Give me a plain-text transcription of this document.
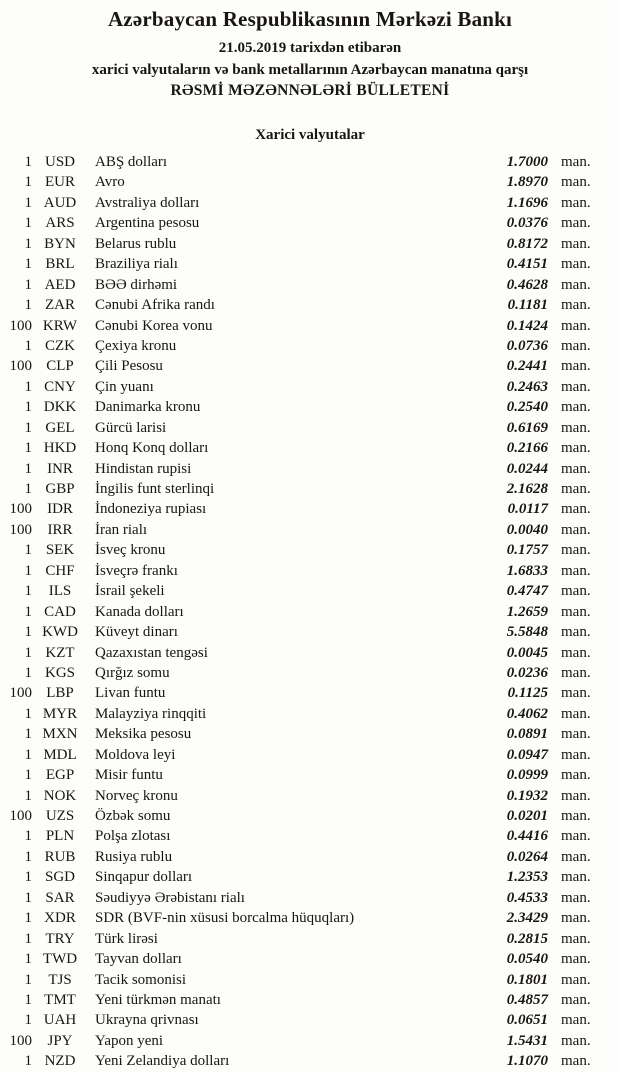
Azərbaycan Respublikasının Mərkəzi Bankı
21.05.2019 tarixdən etibarən
xarici valyutaların və bank metallarının Azərbaycan manatına qarşı
RƏSMİ MƏZƏNNƏLƏRİ BÜLLETENİ
Xarici valyutalar
1 USD	ABŞ dolları	1.7000 man.
1 EUR	Avro	1.8970 man.
1 AUD	Avstraliya dolları	1.1696 man.
1 ARS	Argentina pesosu	0.0376 man.
1 BYN	Belarus rublu	0.8172 man.
1 BRL	Braziliya rialı	0.4151 man.
1 AED	BƏƏ dirhəmi	0.4628 man.
1 ZAR	Cənubi Afrika randı	0.1181 man.
100 KRW	Cənubi Korea vonu	0.1424 man.
1 CZK	Çexiya kronu	0.0736 man.
100 CLP	Çili Pesosu	0.2441 man.
1 CNY	Çin yuanı	0.2463 man.
1 DKK	Danimarka kronu	0.2540 man.
1 GEL	Gürcü larisi	0.6169 man.
1 HKD	Honq Konq dolları	0.2166 man.
1	INR	Hindistan rupisi	0.0244 man.
1 GBP	İngilis funt sterlinqi	2.1628 man.
100	IDR	İndoneziya rupiası	0.0117 man.
100	IRR	İran rialı	0.0040 man.
1 SEK	İsveç kronu	0.1757 man.
1 CHF	İsveçrə frankı	1.6833 man.
1	ILS	İsrail şekeli	0.4747 man.
1 CAD	Kanada dolları	1.2659 man.
1 KWD	Küveyt dinarı	5.5848 man.
1 KZT	Qazaxıstan tengəsi	0.0045 man.
1 KGS	Qırğız somu	0.0236 man.
100 LBP	Livan funtu	0.1125 man.
1 MYR	Malayziya rinqqiti	0.4062 man.
1 MXN	Meksika pesosu	0.0891 man.
1 MDL	Moldova leyi	0.0947 man.
1 EGP	Misir funtu	0.0999 man.
1 NOK	Norveç kronu	0.1932 man.
100 UZS	Özbək somu	0.0201 man.
1 PLN	Polşa zlotası	0.4416 man.
1 RUB	Rusiya rublu	0.0264 man.
1 SGD	Sinqapur dolları	1.2353 man.
1 SAR	Səudiyyə Ərəbistanı rialı	0.4533 man.
1 XDR	SDR (BVF-nin xüsusi borcalma hüquqları)	2.3429 man.
1 TRY	Türk lirəsi	0.2815 man.
1 TWD	Tayvan dolları	0.0540 man.
1	TJS	Tacik somonisi	0.1801 man.
1 TMT	Yeni türkmən manatı	0.4857 man.
1 UAH	Ukrayna qrivnası	0.0651 man.
100	JPY	Yapon yeni	1.5431 man.
1 NZD	Yeni Zelandiya dolları	1.1070 man.
